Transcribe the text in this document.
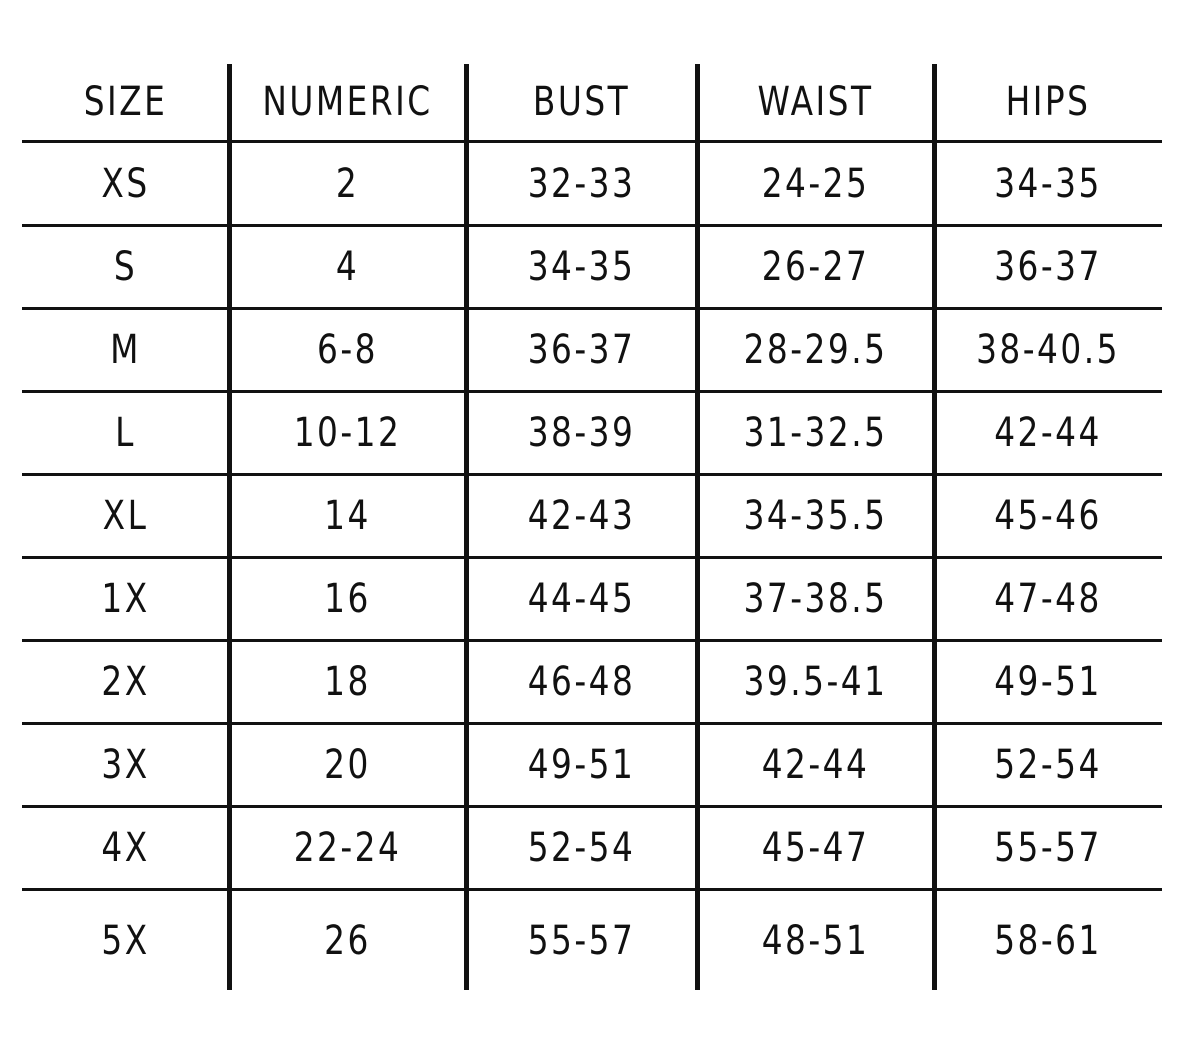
SIZE	NUMERIC	BUST	WAIST	HIPS
XS	2	32-33	24-25	34-35
S	4	34-35	26-27	36-37
M	6-8	36-37	28-29.5	38-40.5
L	10-12	38-39	31-32.5	42-44
XL	14	42-43	34-35.5	45-46
1X	16	44-45	37-38.5	47-48
2X	18	46-48	39.5-41	49-51
3X	20	49-51	42-44	52-54
4X	22-24	52-54	45-47	55-57
5X	26	55-57	48-51	58-61
